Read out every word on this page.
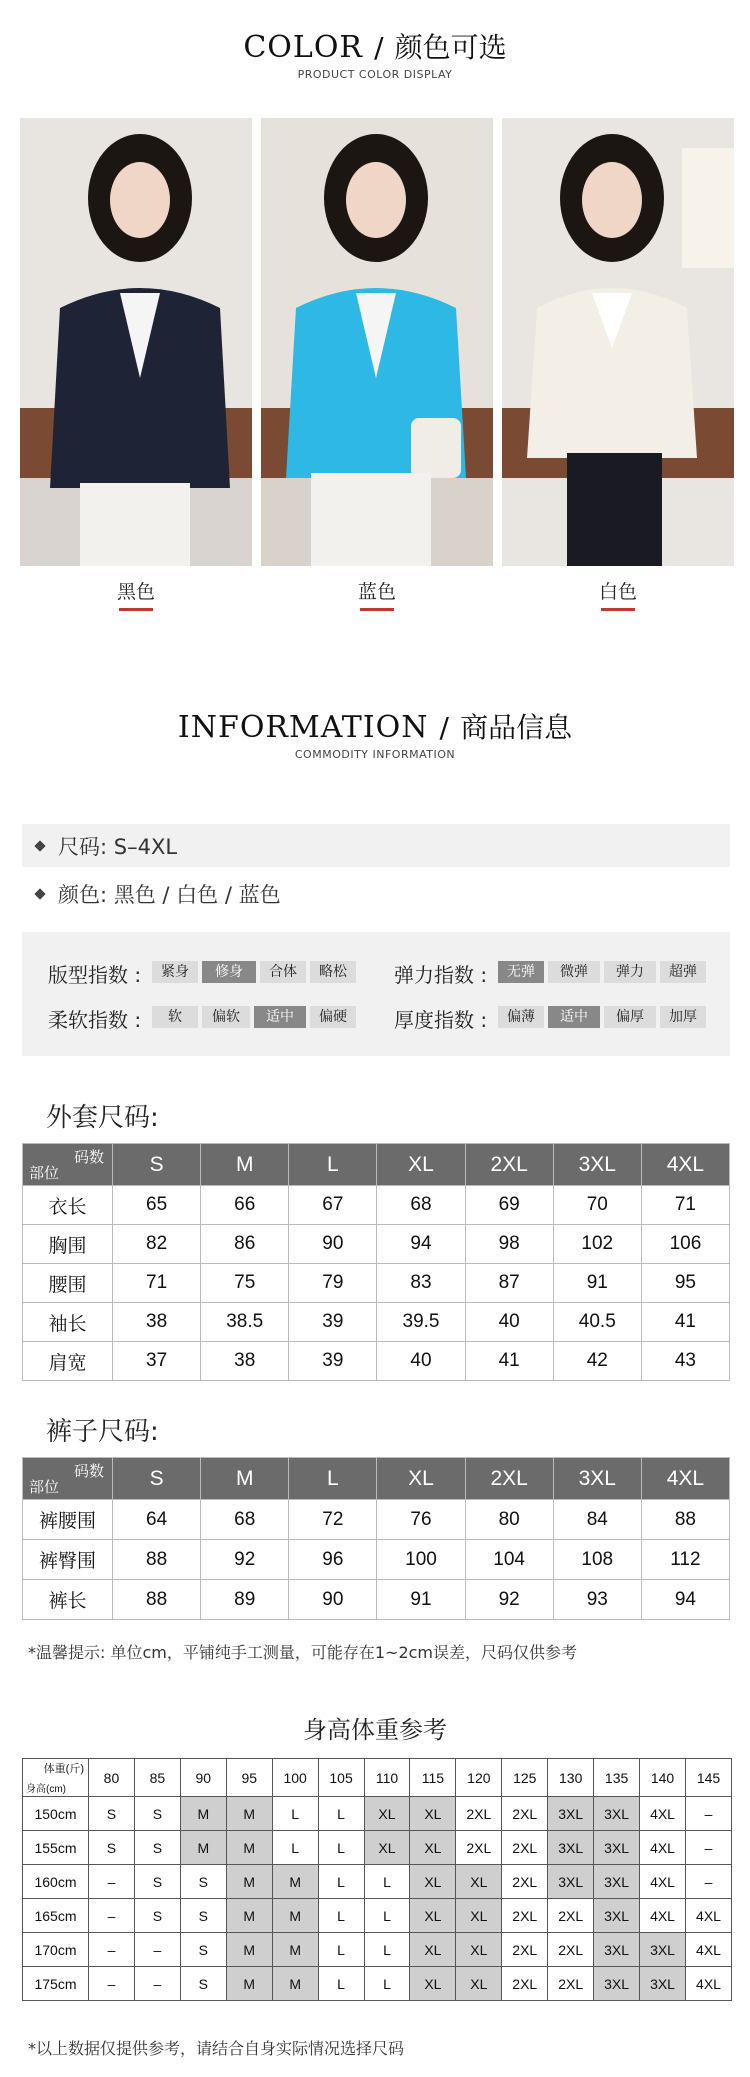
COLOR / 颜色可选
PRODUCT COLOR DISPLAY
黑色	蓝色	白色
INFORMATION / 商品信息
COMMODITY INFORMATION
尺码: S–4XL
颜色: 黑色 / 白色 / 蓝色
版型指数 :	紧身	修身	合体	略松	弹力指数 :	无弹	微弹	弹力	超弹
柔软指数 :	软	偏软	适中	偏硬	厚度指数 :	偏薄	适中	偏厚	加厚
外套尺码:
码数
部位	S	M	L	XL	2XL	3XL	4XL
衣长	65	66	67	68	69	70	71
胸围	82	86	90	94	98	102	106
腰围	71	75	79	83	87	91	95
袖长	38	38.5	39	39.5	40	40.5	41
肩宽	37	38	39	40	41	42	43
裤子尺码:
码数
部位	S	M	L	XL	2XL	3XL	4XL
裤腰围	64	68	72	76	80	84	88
裤臀围	88	92	96	100	104	108	112
裤长	88	89	90	91	92	93	94
*温馨提示: 单位cm，平铺纯手工测量，可能存在1~2cm误差，尺码仅供参考
身高体重参考
体重(斤)
身高(cm)	80	85	90	95	100	105	110	115	120	125	130	135	140	145
150cm	S	S	M	M	L	L	XL	XL	2XL	2XL	3XL	3XL	4XL	–
155cm	S	S	M	M	L	L	XL	XL	2XL	2XL	3XL	3XL	4XL	–
160cm	–	S	S	M	M	L	L	XL	XL	2XL	3XL	3XL	4XL	–
165cm	–	S	S	M	M	L	L	XL	XL	2XL	2XL	3XL	4XL	4XL
170cm	–	–	S	M	M	L	L	XL	XL	2XL	2XL	3XL	3XL	4XL
175cm	–	–	S	M	M	L	L	XL	XL	2XL	2XL	3XL	3XL	4XL
*以上数据仅提供参考，请结合自身实际情况选择尺码
